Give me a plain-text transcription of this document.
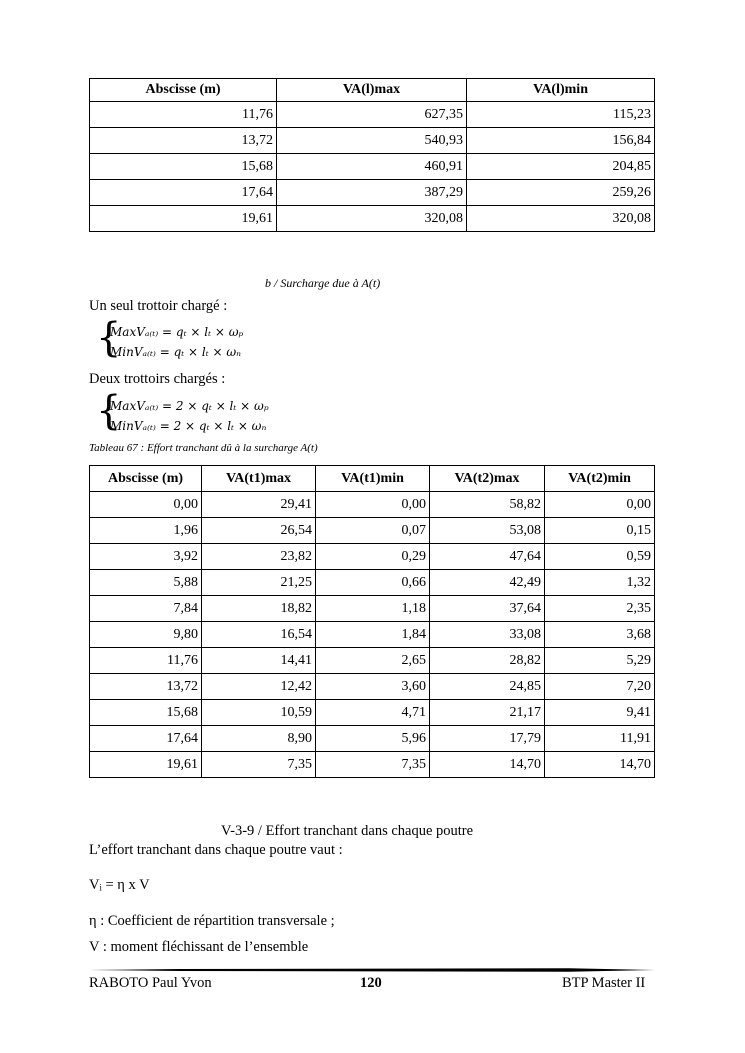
Abscisse (m)	VA(l)max	VA(l)min
11,76	627,35	115,23
13,72	540,93	156,84
15,68	460,91	204,85
17,64	387,29	259,26
19,61	320,08	320,08
b / Surcharge due à A(t)
Un seul trottoir chargé :
{
MaxVₐ₍ₜ₎ = qₜ × lₜ × ωₚ
MinVₐ₍ₜ₎ = qₜ × lₜ × ωₙ
Deux trottoirs chargés :
{
MaxVₐ₍ₜ₎ = 2 × qₜ × lₜ × ωₚ
MinVₐ₍ₜ₎ = 2 × qₜ × lₜ × ωₙ
Tableau 67 : Effort tranchant dû à la surcharge A(t)
Abscisse (m)	VA(t1)max	VA(t1)min	VA(t2)max	VA(t2)min
0,00	29,41	0,00	58,82	0,00
1,96	26,54	0,07	53,08	0,15
3,92	23,82	0,29	47,64	0,59
5,88	21,25	0,66	42,49	1,32
7,84	18,82	1,18	37,64	2,35
9,80	16,54	1,84	33,08	3,68
11,76	14,41	2,65	28,82	5,29
13,72	12,42	3,60	24,85	7,20
15,68	10,59	4,71	21,17	9,41
17,64	8,90	5,96	17,79	11,91
19,61	7,35	7,35	14,70	14,70
V-3-9 / Effort tranchant dans chaque poutre
L’effort tranchant dans chaque poutre vaut :
Vᵢ = η x V
η : Coefficient de répartition transversale ;
V : moment fléchissant de l’ensemble
RABOTO Paul Yvon	120	BTP Master II
